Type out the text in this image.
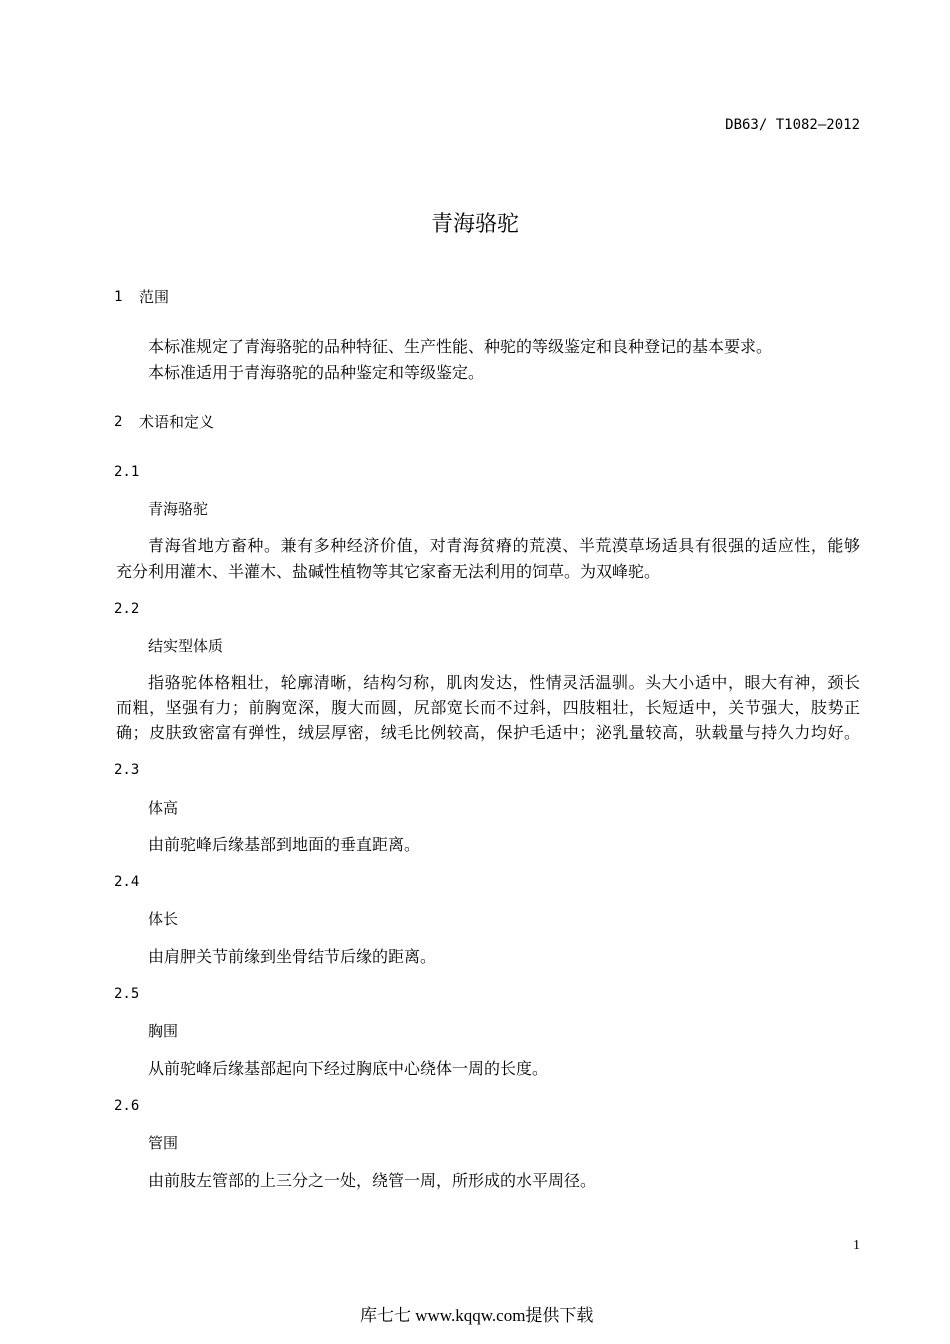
DB63/ T1082—2012
青海骆驼
1 范围
本标准规定了青海骆驼的品种特征、生产性能、种驼的等级鉴定和良种登记的基本要求。
本标准适用于青海骆驼的品种鉴定和等级鉴定。
2 术语和定义
2.1
青海骆驼
青海省地方畜种。兼有多种经济价值，对青海贫瘠的荒漠、半荒漠草场适具有很强的适应性，能够
充分利用灌木、半灌木、盐碱性植物等其它家畜无法利用的饲草。为双峰驼。
2.2
结实型体质
指骆驼体格粗壮，轮廓清晰，结构匀称，肌肉发达，性情灵活温驯。头大小适中，眼大有神，颈长
而粗，坚强有力；前胸宽深，腹大而圆，尻部宽长而不过斜，四肢粗壮，长短适中，关节强大，肢势正
确；皮肤致密富有弹性，绒层厚密，绒毛比例较高，保护毛适中；泌乳量较高，驮载量与持久力均好。
2.3
体高
由前驼峰后缘基部到地面的垂直距离。
2.4
体长
由肩胛关节前缘到坐骨结节后缘的距离。
2.5
胸围
从前驼峰后缘基部起向下经过胸底中心绕体一周的长度。
2.6
管围
由前肢左管部的上三分之一处，绕管一周，所形成的水平周径。
1
库七七 www.kqqw.com提供下载
